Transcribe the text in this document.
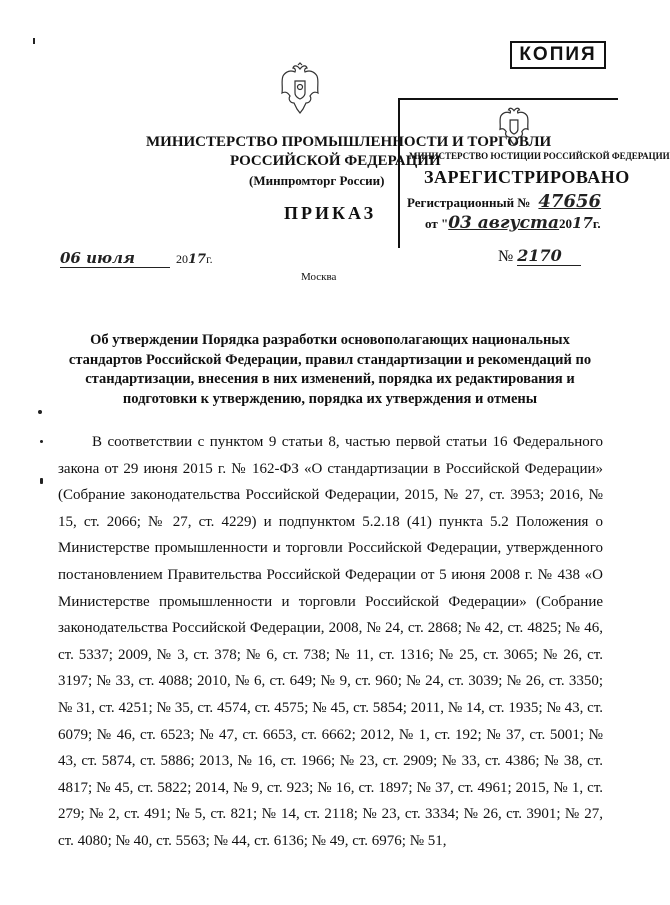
КОПИЯ
МИНИСТЕРСТВО ПРОМЫШЛЕННОСТИ И ТОРГОВЛИ
РОССИЙСКОЙ ФЕДЕРАЦИИ
(Минпромторг России)
МИНИСТЕРСТВО ЮСТИЦИИ РОССИЙСКОЙ ФЕДЕРАЦИИ
ЗАРЕГИСТРИРОВАНО
Регистрационный № 47656
от "03 августа2017г.
ПРИКАЗ
06 июля	2017г.	№ 2170
Москва
Об утверждении Порядка разработки основополагающих национальных стандартов Российской Федерации, правил стандартизации и рекомендаций по стандартизации, внесения в них изменений, порядка их редактирования и подготовки к утверждению, порядка их утверждения и отмены

В соответствии с пунктом 9 статьи 8, частью первой статьи 16 Федерального закона от 29 июня 2015 г. № 162-ФЗ «О стандартизации в Российской Федерации» (Собрание законодательства Российской Федерации, 2015, № 27, ст. 3953; 2016, № 15, ст. 2066; № 27, ст. 4229) и подпунктом 5.2.18 (41) пункта 5.2 Положения о Министерстве промышленности и торговли Российской Федерации, утвержденного постановлением Правительства Российской Федерации от 5 июня 2008 г. № 438 «О Министерстве промышленности и торговли Российской Федерации» (Собрание законодательства Российской Федерации, 2008, № 24, ст. 2868; № 42, ст. 4825; № 46, ст. 5337; 2009, № 3, ст. 378; № 6, ст. 738; № 11, ст. 1316; № 25, ст. 3065; № 26, ст. 3197; № 33, ст. 4088; 2010, № 6, ст. 649; № 9, ст. 960; № 24, ст. 3039; № 26, ст. 3350; № 31, ст. 4251; № 35, ст. 4574, ст. 4575; № 45, ст. 5854; 2011, № 14, ст. 1935; № 43, ст. 6079; № 46, ст. 6523; № 47, ст. 6653, ст. 6662; 2012, № 1, ст. 192; № 37, ст. 5001; № 43, ст. 5874, ст. 5886; 2013, № 16, ст. 1966; № 23, ст. 2909; № 33, ст. 4386; № 38, ст. 4817; № 45, ст. 5822; 2014, № 9, ст. 923; № 16, ст. 1897; № 37, ст. 4961; 2015, № 1, ст. 279; № 2, ст. 491; № 5, ст. 821; № 14, ст. 2118; № 23, ст. 3334; № 26, ст. 3901; № 27, ст. 4080; № 40, ст. 5563; № 44, ст. 6136; № 49, ст. 6976; № 51,
